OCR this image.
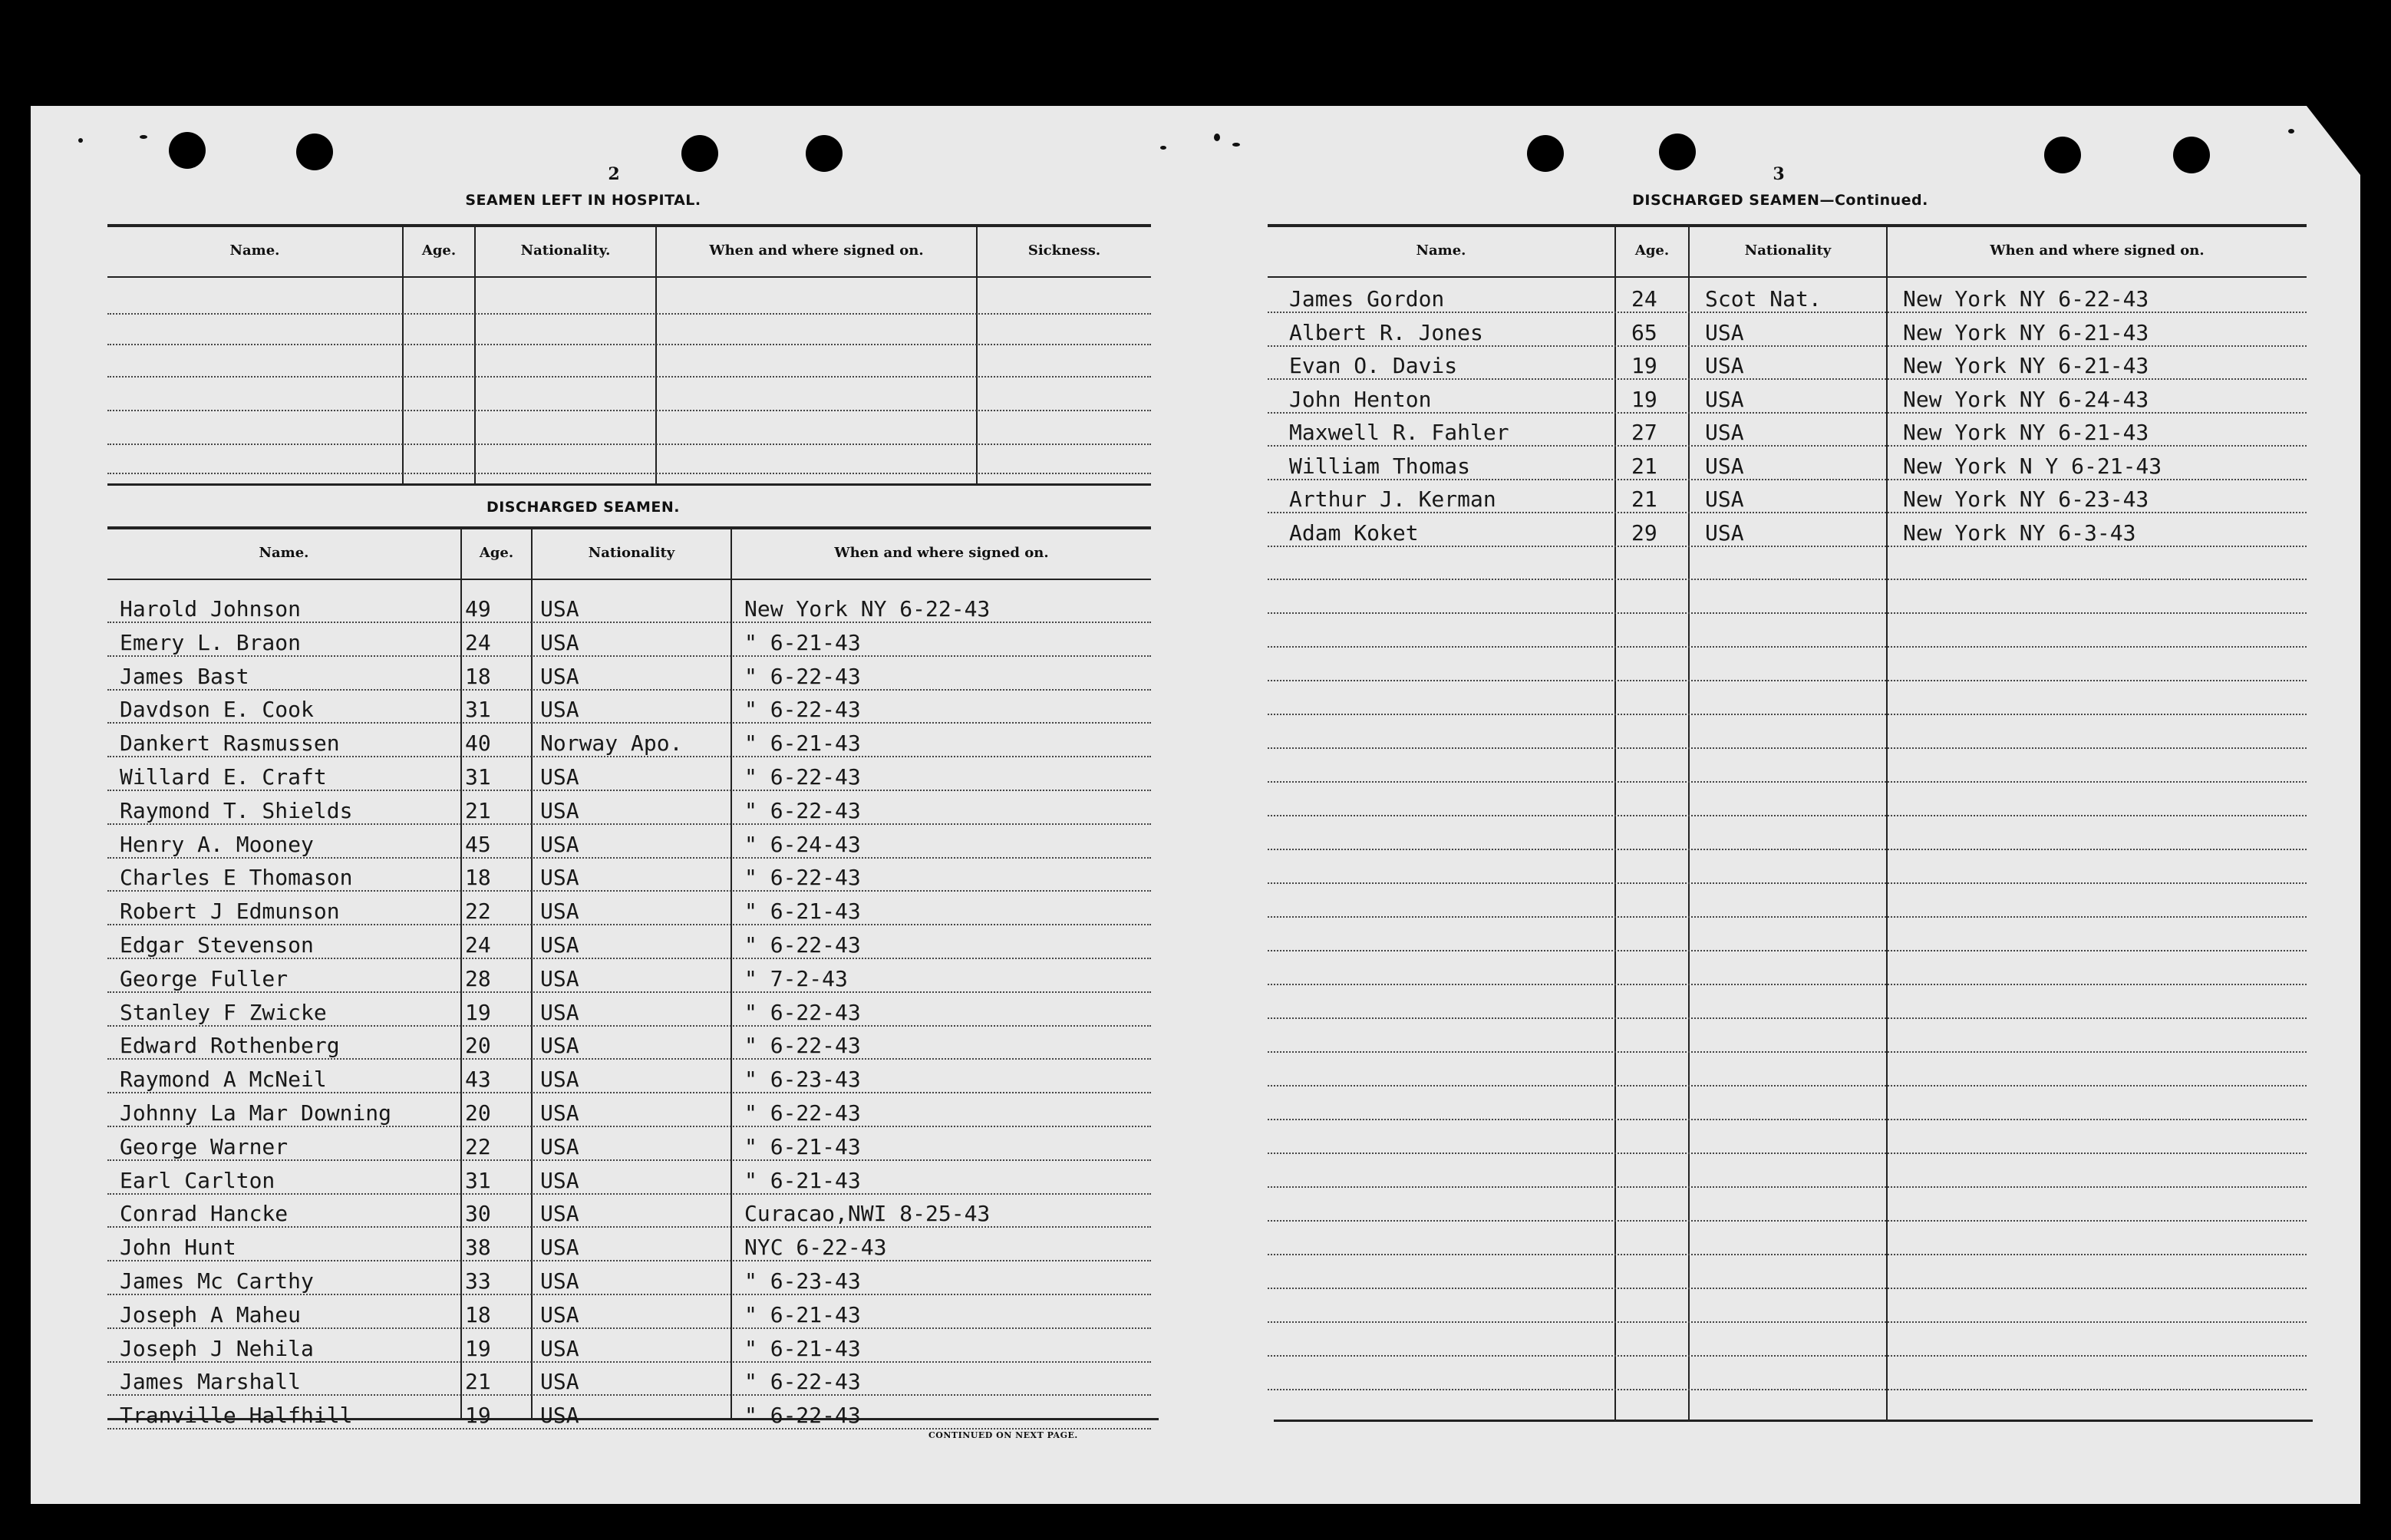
2
SEAMEN LEFT IN HOSPITAL.
Name.	Age.	Nationality.	When and where signed on.	Sickness.
DISCHARGED SEAMEN.
Name.	Age.	Nationality	When and where signed on.
Harold Johnson	49 USA	New York NY 6-22-43
Emery L. Braon	24 USA	" 6-21-43
James Bast	18 USA	" 6-22-43
Davdson E. Cook	31 USA	" 6-22-43
Dankert Rasmussen	40 Norway Apo.	" 6-21-43
Willard E. Craft	31 USA	" 6-22-43
Raymond T. Shields	21 USA	" 6-22-43
Henry A. Mooney	45 USA	" 6-24-43
Charles E Thomason	18 USA	" 6-22-43
Robert J Edmunson	22 USA	" 6-21-43
Edgar Stevenson	24 USA	" 6-22-43
George Fuller	28 USA	" 7-2-43
Stanley F Zwicke	19 USA	" 6-22-43
Edward Rothenberg	20 USA	" 6-22-43
Raymond A McNeil	43 USA	" 6-23-43
Johnny La Mar Downing	20 USA	" 6-22-43
George Warner	22 USA	" 6-21-43
Earl Carlton	31 USA	" 6-21-43
Conrad Hancke	30 USA	Curacao,NWI 8-25-43
John Hunt	38 USA	NYC 6-22-43
James Mc Carthy	33 USA	" 6-23-43
Joseph A Maheu	18 USA	" 6-21-43
Joseph J Nehila	19 USA	" 6-21-43
James Marshall	21 USA	" 6-22-43
Tranville Halfhill	19 USA	" 6-22-43
CONTINUED ON NEXT PAGE.
3
DISCHARGED SEAMEN—Continued.
Name.	Age.	Nationality	When and where signed on.
James Gordon	24 Scot Nat.	New York NY 6-22-43
Albert R. Jones	65 USA	New York NY 6-21-43
Evan O. Davis	19 USA	New York NY 6-21-43
John Henton	19 USA	New York NY 6-24-43
Maxwell R. Fahler	27 USA	New York NY 6-21-43
William Thomas	21 USA	New York N Y 6-21-43
Arthur J. Kerman	21 USA	New York NY 6-23-43
Adam Koket	29 USA	New York NY 6-3-43
